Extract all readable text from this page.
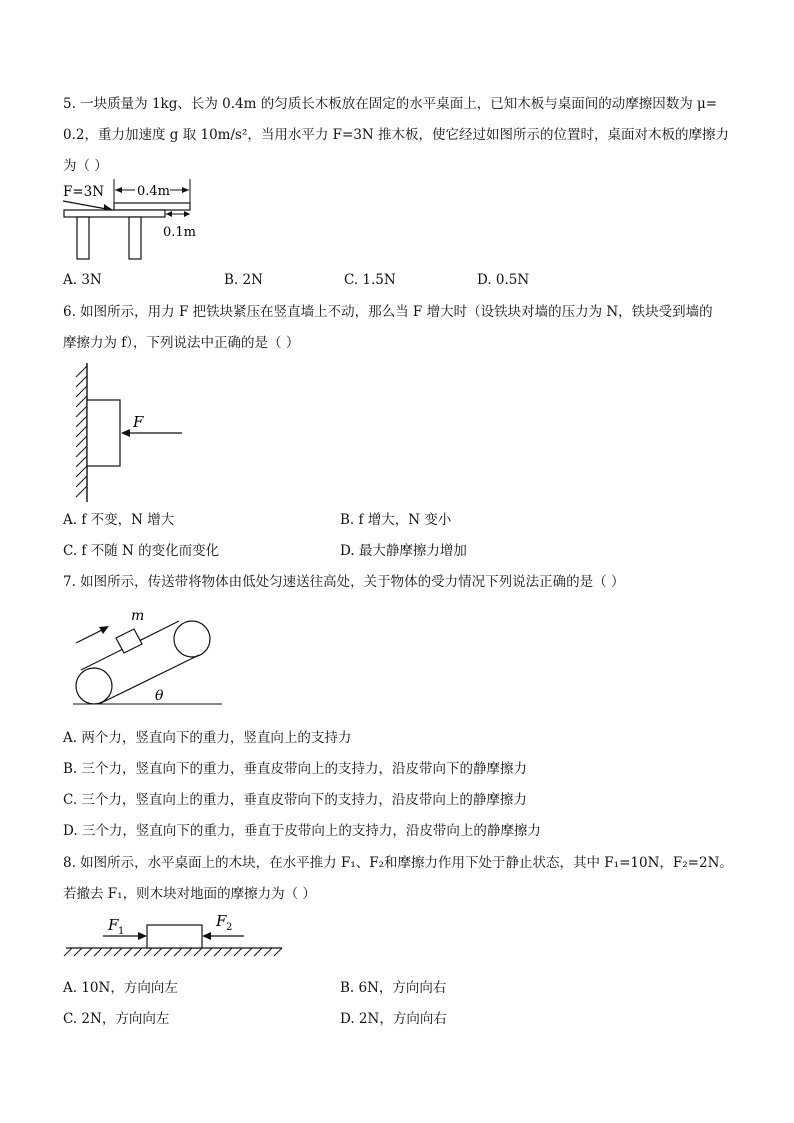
5. 一块质量为 1kg、长为 0.4m 的匀质长木板放在固定的水平桌面上，已知木板与桌面间的动摩擦因数为 μ=
0.2，重力加速度 g 取 10m/s²，当用水平力 F=3N 推木板，使它经过如图所示的位置时，桌面对木板的摩擦力
为（ ）
F=3N	0.4m
0.1m
A. 3N	B. 2N	C. 1.5N	D. 0.5N
6. 如图所示，用力 F 把铁块紧压在竖直墙上不动，那么当 F 增大时（设铁块对墙的压力为 N，铁块受到墙的
摩擦力为 f），下列说法中正确的是（ ）
F
A. f 不变，N 增大	B. f 增大，N 变小
C. f 不随 N 的变化而变化	D. 最大静摩擦力增加
7. 如图所示，传送带将物体由低处匀速送往高处，关于物体的受力情况下列说法正确的是（ ）
m
θ
A. 两个力，竖直向下的重力，竖直向上的支持力
B. 三个力，竖直向下的重力，垂直皮带向上的支持力，沿皮带向下的静摩擦力
C. 三个力，竖直向上的重力，垂直皮带向下的支持力，沿皮带向上的静摩擦力
D. 三个力，竖直向下的重力，垂直于皮带向上的支持力，沿皮带向上的静摩擦力
8. 如图所示，水平桌面上的木块，在水平推力 F₁、F₂和摩擦力作用下处于静止状态，其中 F₁=10N，F₂=2N。
若撤去 F₁，则木块对地面的摩擦力为（ ）
F 1
F 2
A. 10N，方向向左	B. 6N，方向向右
C. 2N，方向向左	D. 2N，方向向右
